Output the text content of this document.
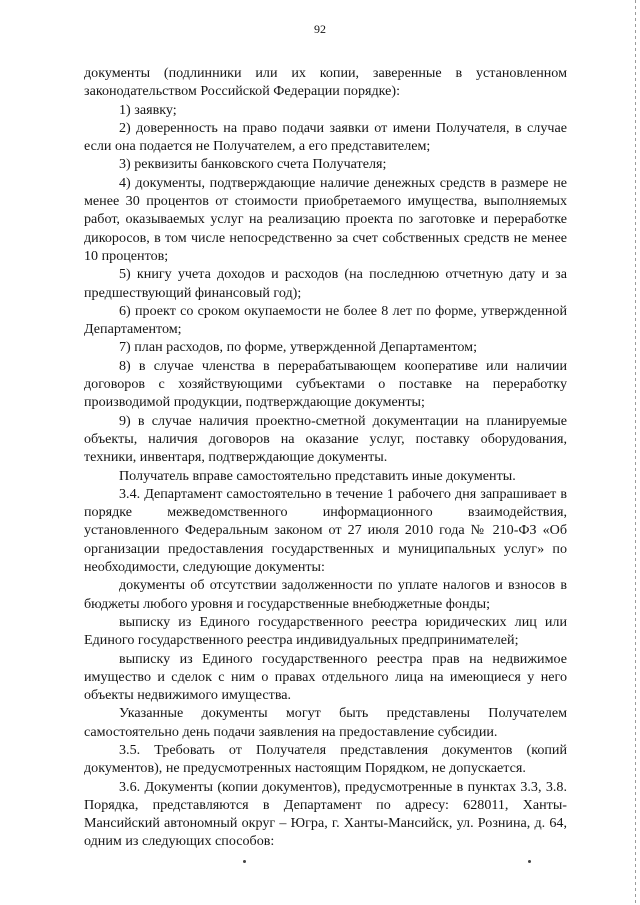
92

документы (подлинники или их копии, заверенные в установленном законодательством Российской Федерации порядке):

1) заявку;

2) доверенность на право подачи заявки от имени Получателя, в случае если она подается не Получателем, а его представителем;

3) реквизиты банковского счета Получателя;

4) документы, подтверждающие наличие денежных средств в размере не менее 30 процентов от стоимости приобретаемого имущества, выполняемых работ, оказываемых услуг на реализацию проекта по заготовке и переработке дикоросов, в том числе непосредственно за счет собственных средств не менее 10 процентов;

5) книгу учета доходов и расходов (на последнюю отчетную дату и за предшествующий финансовый год);

6) проект со сроком окупаемости не более 8 лет по форме, утвержденной Департаментом;

7) план расходов, по форме, утвержденной Департаментом;

8) в случае членства в перерабатывающем кооперативе или наличии договоров с хозяйствующими субъектами о поставке на переработку производимой продукции, подтверждающие документы;

9) в случае наличия проектно-сметной документации на планируемые объекты, наличия договоров на оказание услуг, поставку оборудования, техники, инвентаря, подтверждающие документы.

Получатель вправе самостоятельно представить иные документы.

3.4. Департамент самостоятельно в течение 1 рабочего дня запрашивает в порядке межведомственного информационного взаимодействия, установленного Федеральным законом от 27 июля 2010 года № 210-ФЗ «Об организации предоставления государственных и муниципальных услуг» по необходимости, следующие документы:

документы об отсутствии задолженности по уплате налогов и взносов в бюджеты любого уровня и государственные внебюджетные фонды;

выписку из Единого государственного реестра юридических лиц или Единого государственного реестра индивидуальных предпринимателей;

выписку из Единого государственного реестра прав на недвижимое имущество и сделок с ним о правах отдельного лица на имеющиеся у него объекты недвижимого имущества.

Указанные документы могут быть представлены Получателем самостоятельно день подачи заявления на предоставление субсидии.

3.5. Требовать от Получателя представления документов (копий документов), не предусмотренных настоящим Порядком, не допускается.

3.6. Документы (копии документов), предусмотренные в пунктах 3.3, 3.8. Порядка, представляются в Департамент по адресу: 628011, Ханты-Мансийский автономный округ – Югра, г. Ханты-Мансийск, ул. Рознина, д. 64, одним из следующих способов:
